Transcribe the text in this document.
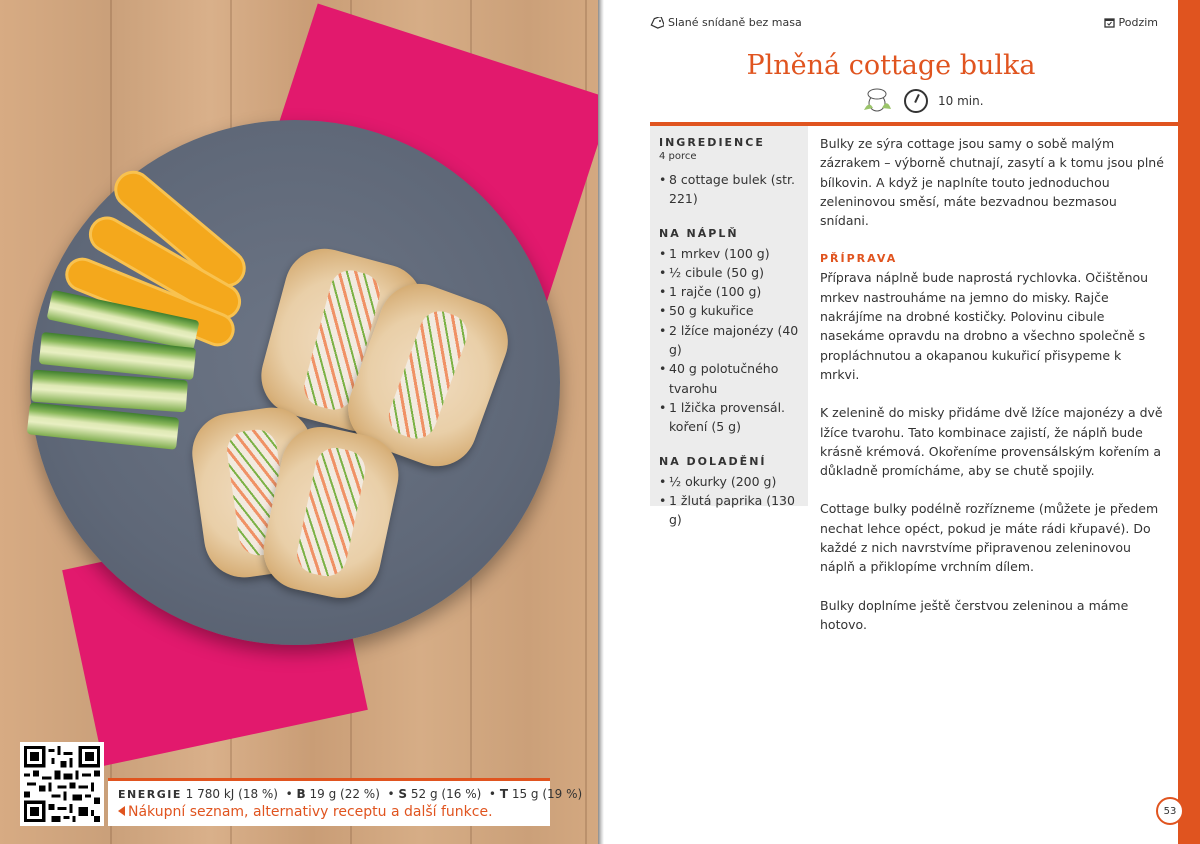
ENERGIE 1 780 kJ (18 %)  • B 19 g (22 %)  • S 52 g (16 %)  • T 15 g (19 %)
Nákupní seznam, alternativy receptu a další funkce.
Slané snídaně bez masa	Podzim
Plněná cottage bulka
10 min.
INGREDIENCE
4 porce
• 8 cottage bulek (str. 221)
NA NÁPLŇ
• 1 mrkev (100 g)
• ½ cibule (50 g)
• 1 rajče (100 g)
• 50 g kukuřice
• 2 lžíce majonézy (40 g)
• 40 g polotučného tvarohu
• 1 lžička provensál. koření (5 g)
NA DOLADĚNÍ
• ½ okurky (200 g)
• 1 žlutá paprika (130 g)

Bulky ze sýra cottage jsou samy o sobě malým zázrakem – výborně chutnají, zasytí a k tomu jsou plné bílkovin. A když je naplníte touto jednoduchou zeleninovou směsí, máte bezvadnou bezmasou snídani.

PŘÍPRAVA

Příprava náplně bude naprostá rychlovka. Očištěnou mrkev nastrouháme na jemno do misky. Rajče nakrájíme na drobné kostičky. Polovinu cibule nasekáme opravdu na drobno a všechno společně s propláchnutou a okapanou kukuřicí přisypeme k mrkvi.

K zelenině do misky přidáme dvě lžíce majonézy a dvě lžíce tvarohu. Tato kombinace zajistí, že náplň bude krásně krémová. Okořeníme provensálským kořením a důkladně promícháme, aby se chutě spojily.

Cottage bulky podélně rozřízneme (můžete je předem nechat lehce opéct, pokud je máte rádi křupavé). Do každé z nich navrstvíme připravenou zeleninovou náplň a přiklopíme vrchním dílem.

Bulky doplníme ještě čerstvou zeleninou a máme hotovo.

53
